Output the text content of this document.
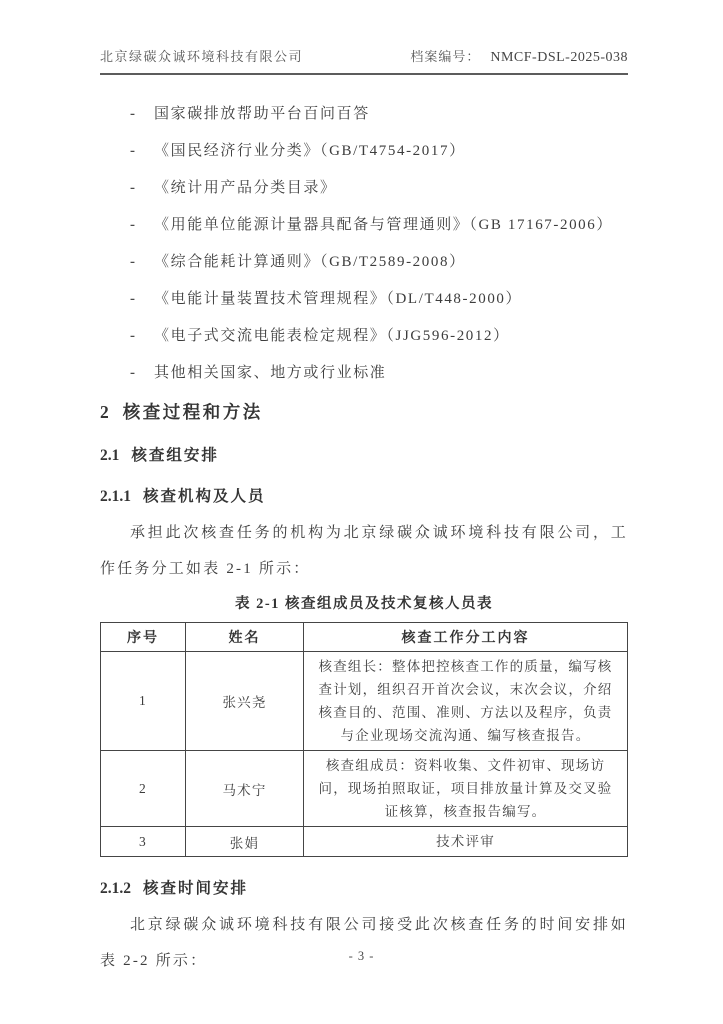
北京绿碳众诚环境科技有限公司	档案编号： NMCF-DSL-2025-038
-	国家碳排放帮助平台百问百答
-	《国民经济行业分类》（GB/T4754-2017）
-	《统计用产品分类目录》
-	《用能单位能源计量器具配备与管理通则》（GB 17167-2006）
-	《综合能耗计算通则》（GB/T2589-2008）
-	《电能计量装置技术管理规程》（DL/T448-2000）
-	《电子式交流电能表检定规程》（JJG596-2012）
-	其他相关国家、地方或行业标准
2 核查过程和方法
2.1 核查组安排
2.1.1 核查机构及人员

承担此次核查任务的机构为北京绿碳众诚环境科技有限公司，工作任务分工如表 2-1 所示：

表 2-1 核查组成员及技术复核人员表
序号	姓名	核查工作分工内容
1	张兴尧	核查组长：整体把控核查工作的质量，编写核查计划，组织召开首次会议，末次会议，介绍核查目的、范围、准则、方法以及程序，负责与企业现场交流沟通、编写核查报告。
2	马术宁	核查组成员：资料收集、文件初审、现场访问，现场拍照取证，项目排放量计算及交叉验证核算，核查报告编写。
3	张娟	技术评审
2.1.2 核查时间安排

北京绿碳众诚环境科技有限公司接受此次核查任务的时间安排如表 2-2 所示：	- 3 -
